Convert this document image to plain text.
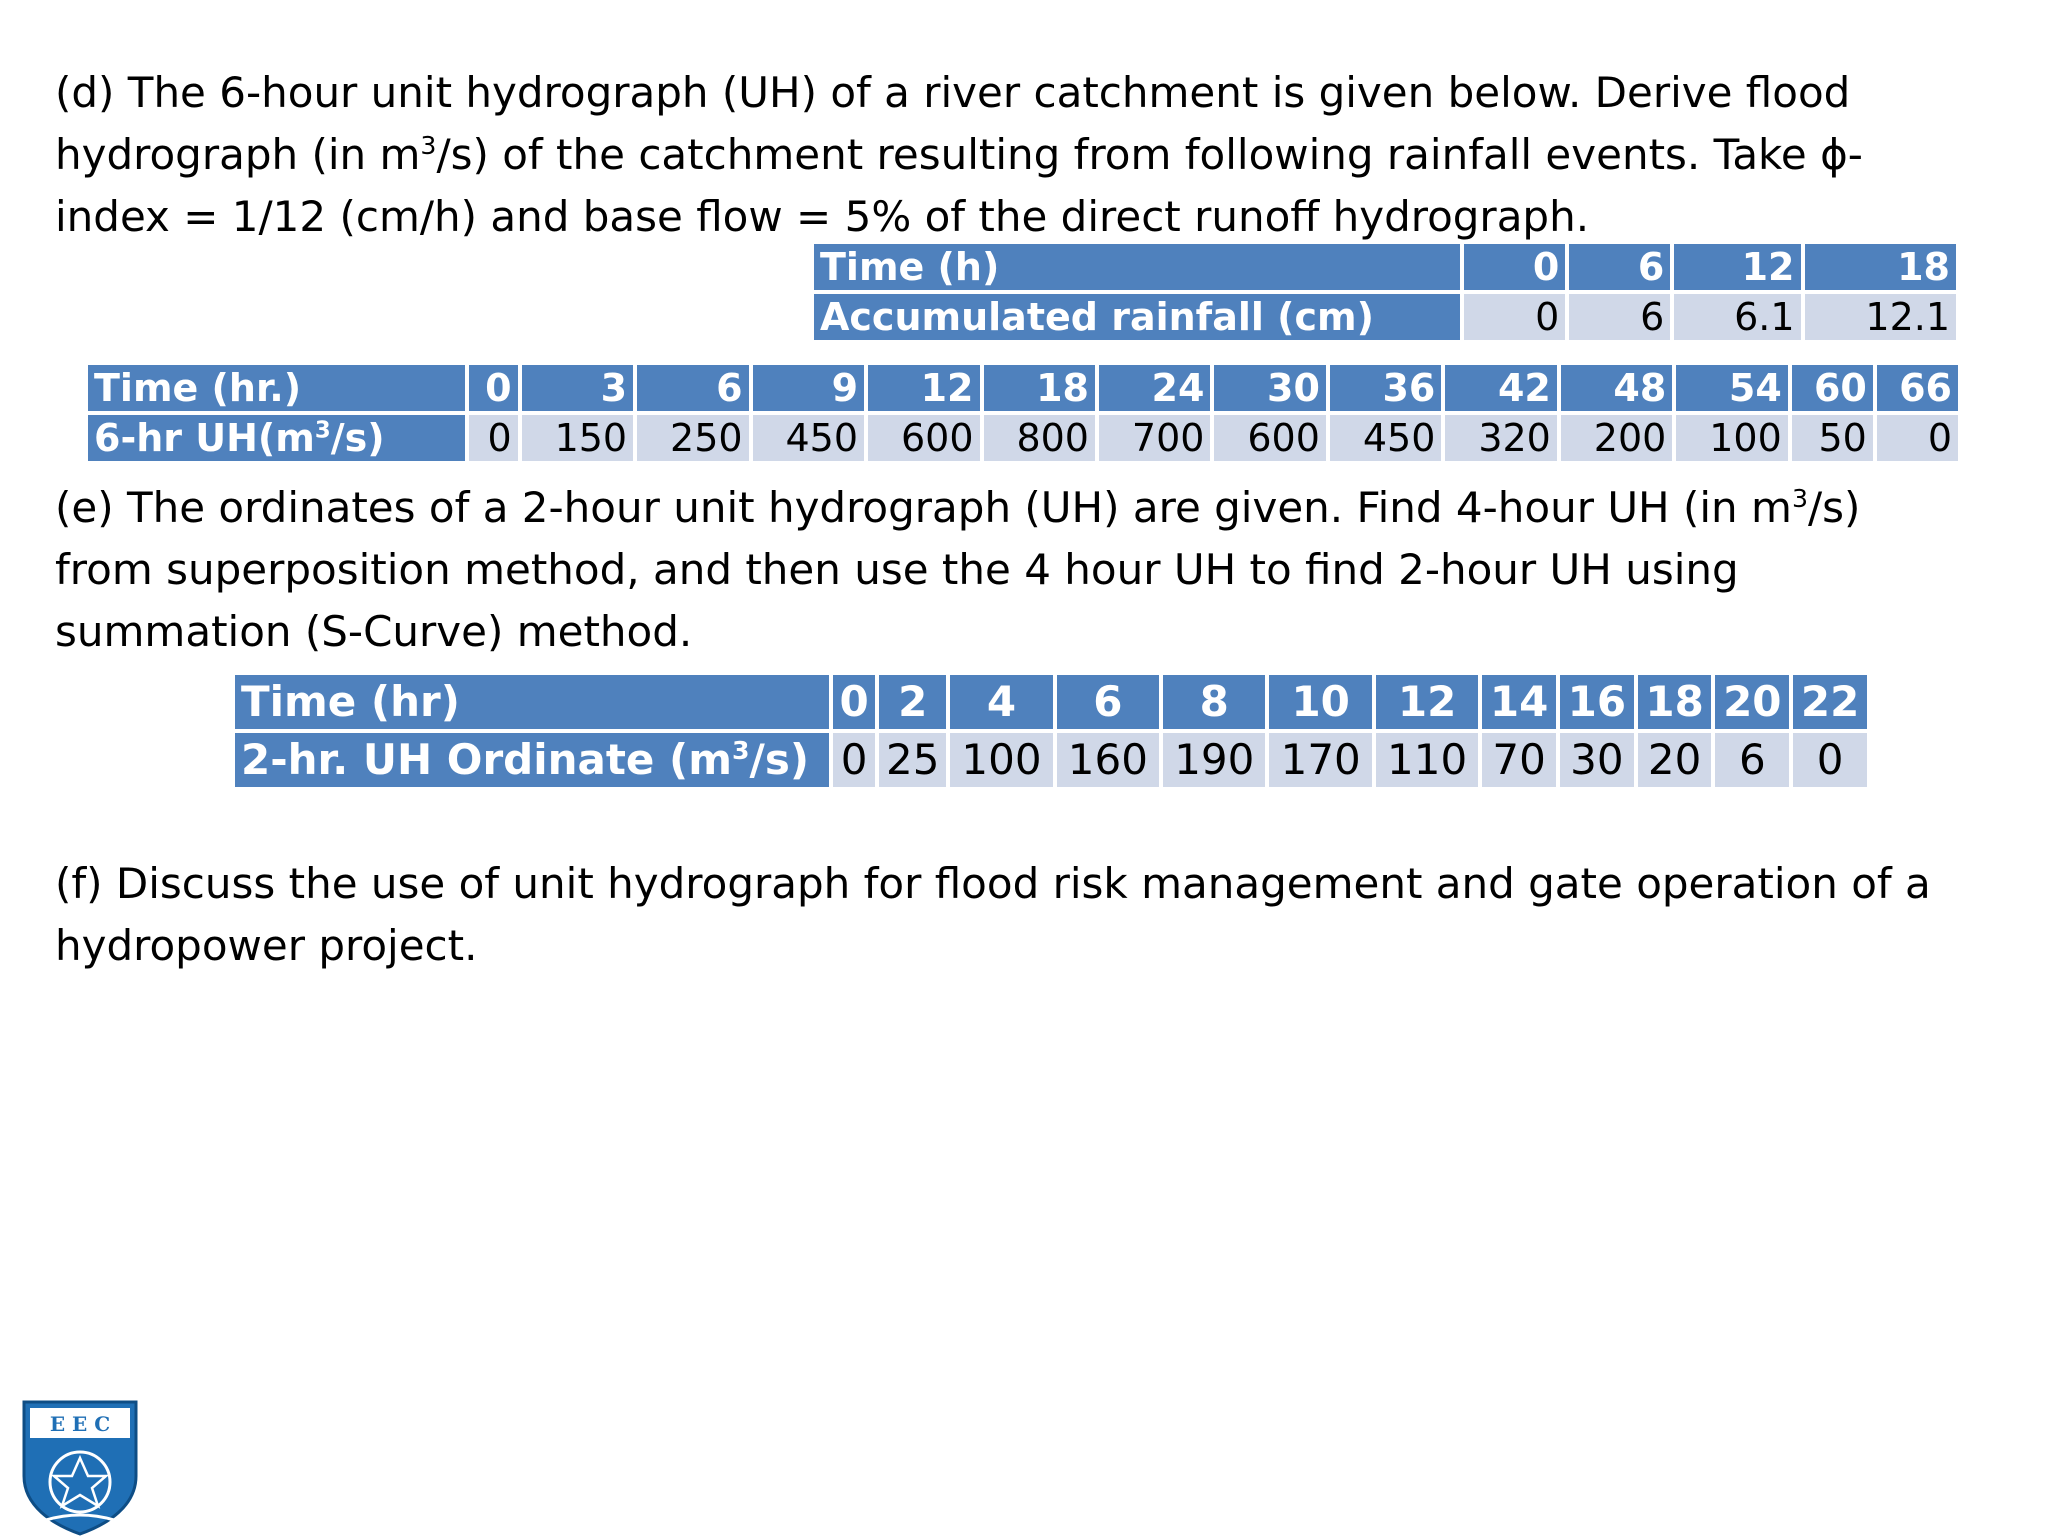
(d) The 6-hour unit hydrograph (UH) of a river catchment is given below. Derive flood

hydrograph (in $m^3/s$) of the catchment resulting from following rainfall events. Take ϕ-

index = 1/12 (cm/h) and base flow = 5% of the direct runoff hydrograph.

Time (h)	0	6	12	18
Accumulated rainfall (cm)	0	6	6.1	12.1
Time (hr.)	0	3	6	9	12	18	24	30	36	42	48	54	60	66
6-hr $UH(m^3/s)$	0	150	250	450	600	800	700	600	450	320	200	100	50	0

(e) The ordinates of a 2-hour unit hydrograph (UH) are given. Find 4-hour UH (in $m^3/s$)

from superposition method, and then use the 4 hour UH to find 2-hour UH using

summation (S-Curve) method.

Time (hr)	0	2	4	6	8	10	12	14	16	18	20	22
2-hr. UH Ordinate $(m^3/s)$	0	25	100	160	190	170	110	70	30	20	6	0

(f) Discuss the use of unit hydrograph for flood risk management and gate operation of a

hydropower project.

E E C
